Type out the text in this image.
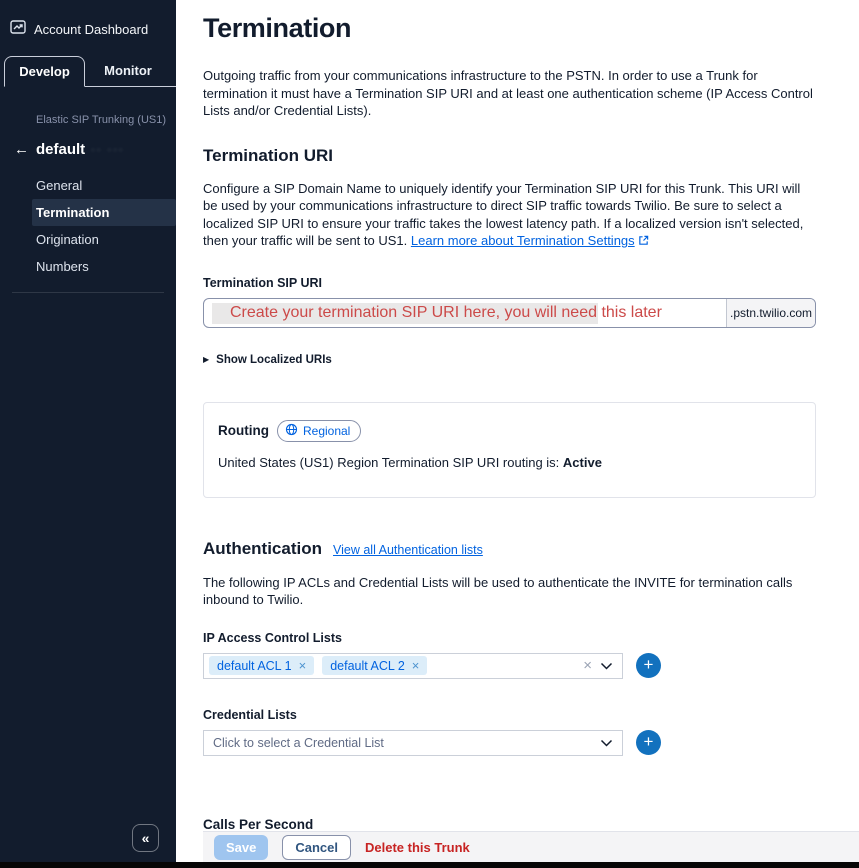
Account Dashboard
Develop	Monitor
Elastic SIP Trunking (US1)
← default ·· ···
General
Termination
Origination
Numbers
«
Termination

Outgoing traffic from your communications infrastructure to the PSTN. In order to use a Trunk for termination it must have a Termination SIP URI and at least one authentication scheme (IP Access Control Lists and/or Credential Lists).

Termination URI

Configure a SIP Domain Name to uniquely identify your Termination SIP URI for this Trunk. This URI will be used by your communications infrastructure to direct SIP traffic towards Twilio. Be sure to select a localized SIP URI to ensure your traffic takes the lowest latency path. If a localized version isn't selected, then your traffic will be sent to US1. Learn more about Termination Settings

Termination SIP URI
Create your termination SIP URI here, you will need this later	.pstn.twilio.com
▶ Show Localized URIs
Routing	Regional
United States (US1) Region Termination SIP URI routing is: Active
Authentication View all Authentication lists

The following IP ACLs and Credential Lists will be used to authenticate the INVITE for termination calls inbound to Twilio.

IP Access Control Lists
default ACL 1 × default ACL 2 ×	×	+
Credential Lists
Click to select a Credential List	+
Calls Per Second

Save	Cancel	Delete this Trunk
